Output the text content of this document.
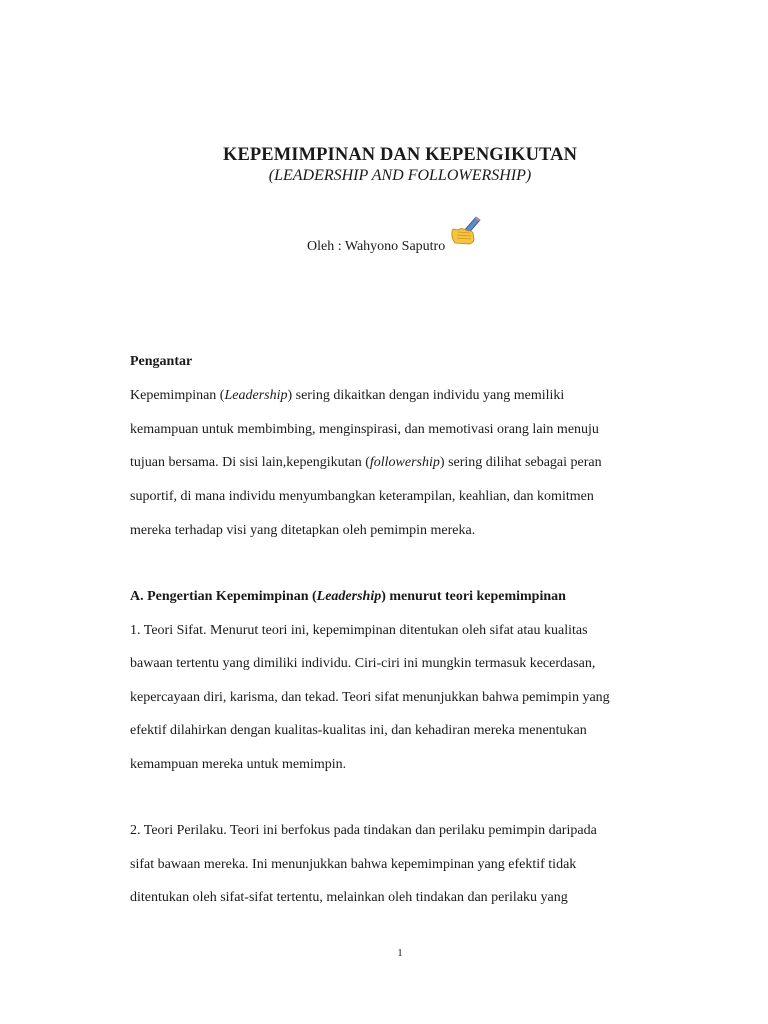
KEPEMIMPINAN DAN KEPENGIKUTAN
(LEADERSHIP AND FOLLOWERSHIP)
Oleh : Wahyono Saputro
Pengantar
Kepemimpinan (Leadership) sering dikaitkan dengan individu yang memiliki
kemampuan untuk membimbing, menginspirasi, dan memotivasi orang lain menuju
tujuan bersama. Di sisi lain,kepengikutan (followership) sering dilihat sebagai peran
suportif, di mana individu menyumbangkan keterampilan, keahlian, dan komitmen
mereka terhadap visi yang ditetapkan oleh pemimpin mereka.
A. Pengertian Kepemimpinan (Leadership) menurut teori kepemimpinan
1. Teori Sifat. Menurut teori ini, kepemimpinan ditentukan oleh sifat atau kualitas
bawaan tertentu yang dimiliki individu. Ciri-ciri ini mungkin termasuk kecerdasan,
kepercayaan diri, karisma, dan tekad. Teori sifat menunjukkan bahwa pemimpin yang
efektif dilahirkan dengan kualitas-kualitas ini, dan kehadiran mereka menentukan
kemampuan mereka untuk memimpin.
2. Teori Perilaku. Teori ini berfokus pada tindakan dan perilaku pemimpin daripada
sifat bawaan mereka. Ini menunjukkan bahwa kepemimpinan yang efektif tidak
ditentukan oleh sifat-sifat tertentu, melainkan oleh tindakan dan perilaku yang
1
